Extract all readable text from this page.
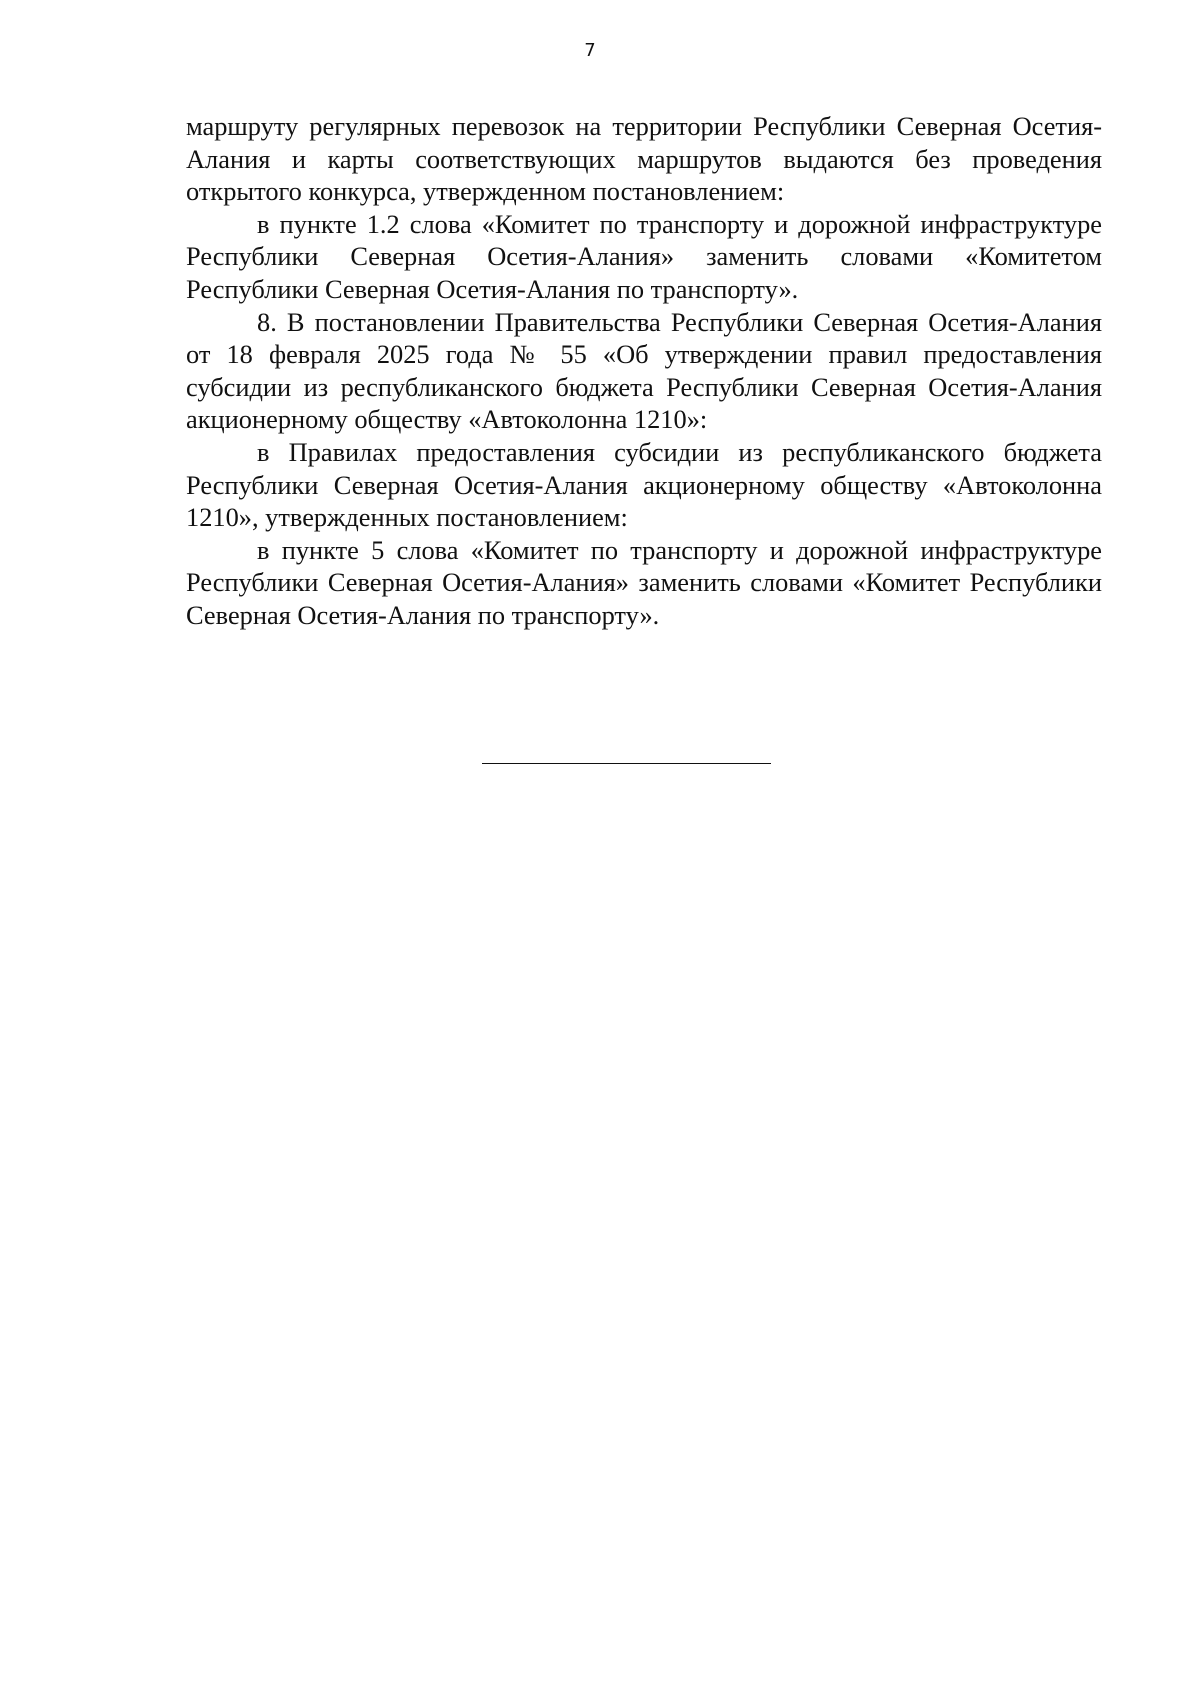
7

маршруту регулярных перевозок на территории Республики Северная Осетия-Алания и карты соответствующих маршрутов выдаются без проведения открытого конкурса, утвержденном постановлением:

в пункте 1.2 слова «Комитет по транспорту и дорожной инфраструктуре Республики Северная Осетия-Алания» заменить словами «Комитетом Республики Северная Осетия-Алания по транспорту».

8. В постановлении Правительства Республики Северная Осетия-Алания от 18 февраля 2025 года № 55 «Об утверждении правил предоставления субсидии из республиканского бюджета Республики Северная Осетия-Алания акционерному обществу «Автоколонна 1210»:

в Правилах предоставления субсидии из республиканского бюджета Республики Северная Осетия-Алания акционерному обществу «Автоколонна 1210», утвержденных постановлением:

в пункте 5 слова «Комитет по транспорту и дорожной инфраструктуре Республики Северная Осетия-Алания» заменить словами «Комитет Республики Северная Осетия-Алания по транспорту».
